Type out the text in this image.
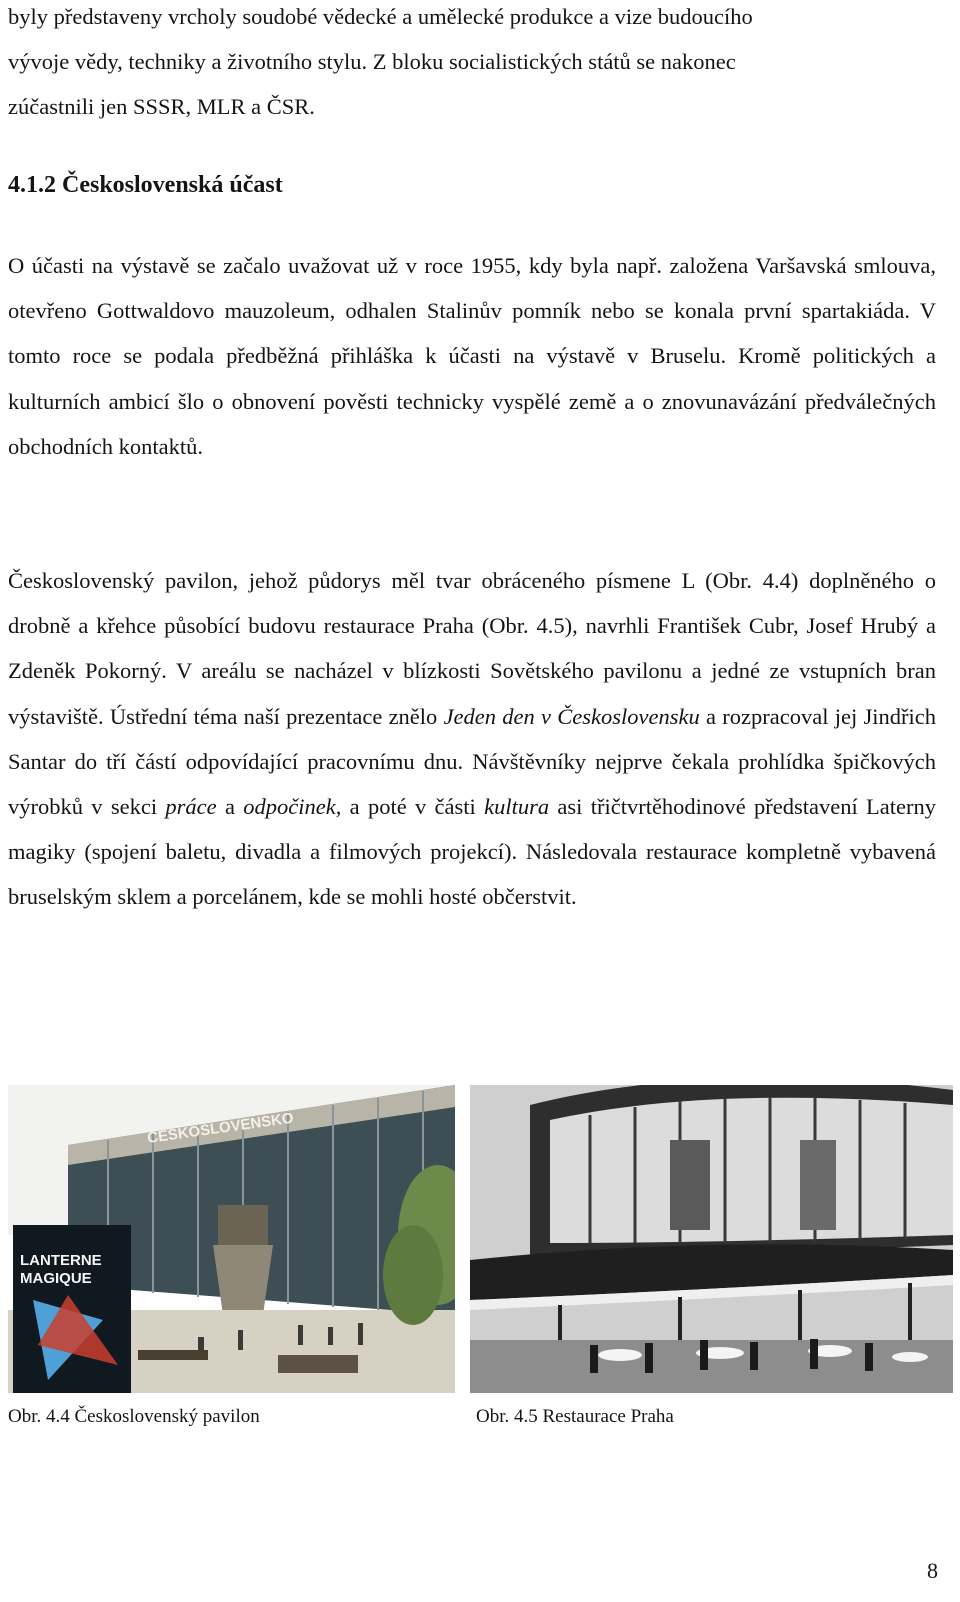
byly představeny vrcholy soudobé vědecké a umělecké produkce a vize budoucího
vývoje vědy, techniky a životního stylu. Z bloku socialistických států se nakonec
zúčastnili jen SSSR, MLR a ČSR.

4.1.2 Československá účast

O účasti na výstavě se začalo uvažovat už v roce 1955, kdy byla např. založena Varšavská smlouva, otevřeno Gottwaldovo mauzoleum, odhalen Stalinův pomník nebo se konala první spartakiáda. V tomto roce se podala předběžná přihláška k účasti na výstavě v Bruselu. Kromě politických a kulturních ambicí šlo o obnovení pověsti technicky vyspělé země a o znovunavázání předválečných obchodních kontaktů.

Československý pavilon, jehož půdorys měl tvar obráceného písmene L (Obr. 4.4) doplněného o drobně a křehce působící budovu restaurace Praha (Obr. 4.5), navrhli František Cubr, Josef Hrubý a Zdeněk Pokorný. V areálu se nacházel v blízkosti Sovětského pavilonu a jedné ze vstupních bran výstaviště. Ústřední téma naší prezentace znělo Jeden den v Československu a rozpracoval jej Jindřich Santar do tří částí odpovídající pracovnímu dnu. Návštěvníky nejprve čekala prohlídka špičkových výrobků v sekci práce a odpočinek, a poté v části kultura asi třičtvrtěhodinové představení Laterny magiky (spojení baletu, divadla a filmových projekcí). Následovala restaurace kompletně vybavená bruselským sklem a porcelánem, kde se mohli hosté občerstvit.

ČESKOSLOVENSKO
LANTERNE
MAGIQUE

Obr. 4.4 Československý pavilon	Obr. 4.5 Restaurace Praha

8
